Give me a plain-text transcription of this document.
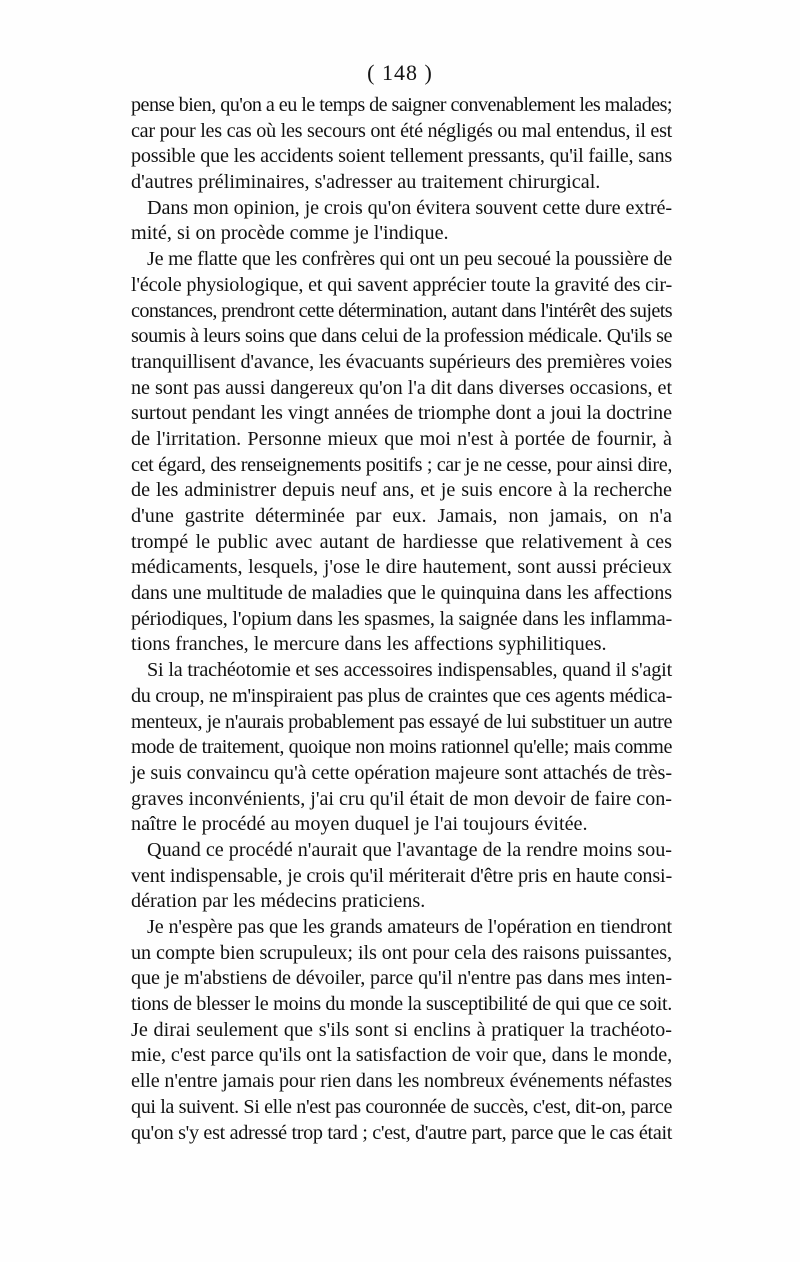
( 148 )
pense bien, qu'on a eu le temps de saigner convenablement les malades;
car pour les cas où les secours ont été négligés ou mal entendus, il est
possible que les accidents soient tellement pressants, qu'il faille, sans
d'autres préliminaires, s'adresser au traitement chirurgical.
Dans mon opinion, je crois qu'on évitera souvent cette dure extré-
mité, si on procède comme je l'indique.
Je me flatte que les confrères qui ont un peu secoué la poussière de
l'école physiologique, et qui savent apprécier toute la gravité des cir-
constances, prendront cette détermination, autant dans l'intérêt des sujets
soumis à leurs soins que dans celui de la profession médicale. Qu'ils se
tranquillisent d'avance, les évacuants supérieurs des premières voies
ne sont pas aussi dangereux qu'on l'a dit dans diverses occasions, et
surtout pendant les vingt années de triomphe dont a joui la doctrine
de l'irritation. Personne mieux que moi n'est à portée de fournir, à
cet égard, des renseignements positifs ; car je ne cesse, pour ainsi dire,
de les administrer depuis neuf ans, et je suis encore à la recherche
d'une gastrite déterminée par eux. Jamais, non jamais, on n'a
trompé le public avec autant de hardiesse que relativement à ces
médicaments, lesquels, j'ose le dire hautement, sont aussi précieux
dans une multitude de maladies que le quinquina dans les affections
périodiques, l'opium dans les spasmes, la saignée dans les inflamma-
tions franches, le mercure dans les affections syphilitiques.
Si la trachéotomie et ses accessoires indispensables, quand il s'agit
du croup, ne m'inspiraient pas plus de craintes que ces agents médica-
menteux, je n'aurais probablement pas essayé de lui substituer un autre
mode de traitement, quoique non moins rationnel qu'elle; mais comme
je suis convaincu qu'à cette opération majeure sont attachés de très-
graves inconvénients, j'ai cru qu'il était de mon devoir de faire con-
naître le procédé au moyen duquel je l'ai toujours évitée.
Quand ce procédé n'aurait que l'avantage de la rendre moins sou-
vent indispensable, je crois qu'il mériterait d'être pris en haute consi-
dération par les médecins praticiens.
Je n'espère pas que les grands amateurs de l'opération en tiendront
un compte bien scrupuleux; ils ont pour cela des raisons puissantes,
que je m'abstiens de dévoiler, parce qu'il n'entre pas dans mes inten-
tions de blesser le moins du monde la susceptibilité de qui que ce soit.
Je dirai seulement que s'ils sont si enclins à pratiquer la trachéoto-
mie, c'est parce qu'ils ont la satisfaction de voir que, dans le monde,
elle n'entre jamais pour rien dans les nombreux événements néfastes
qui la suivent. Si elle n'est pas couronnée de succès, c'est, dit-on, parce
qu'on s'y est adressé trop tard ; c'est, d'autre part, parce que le cas était
